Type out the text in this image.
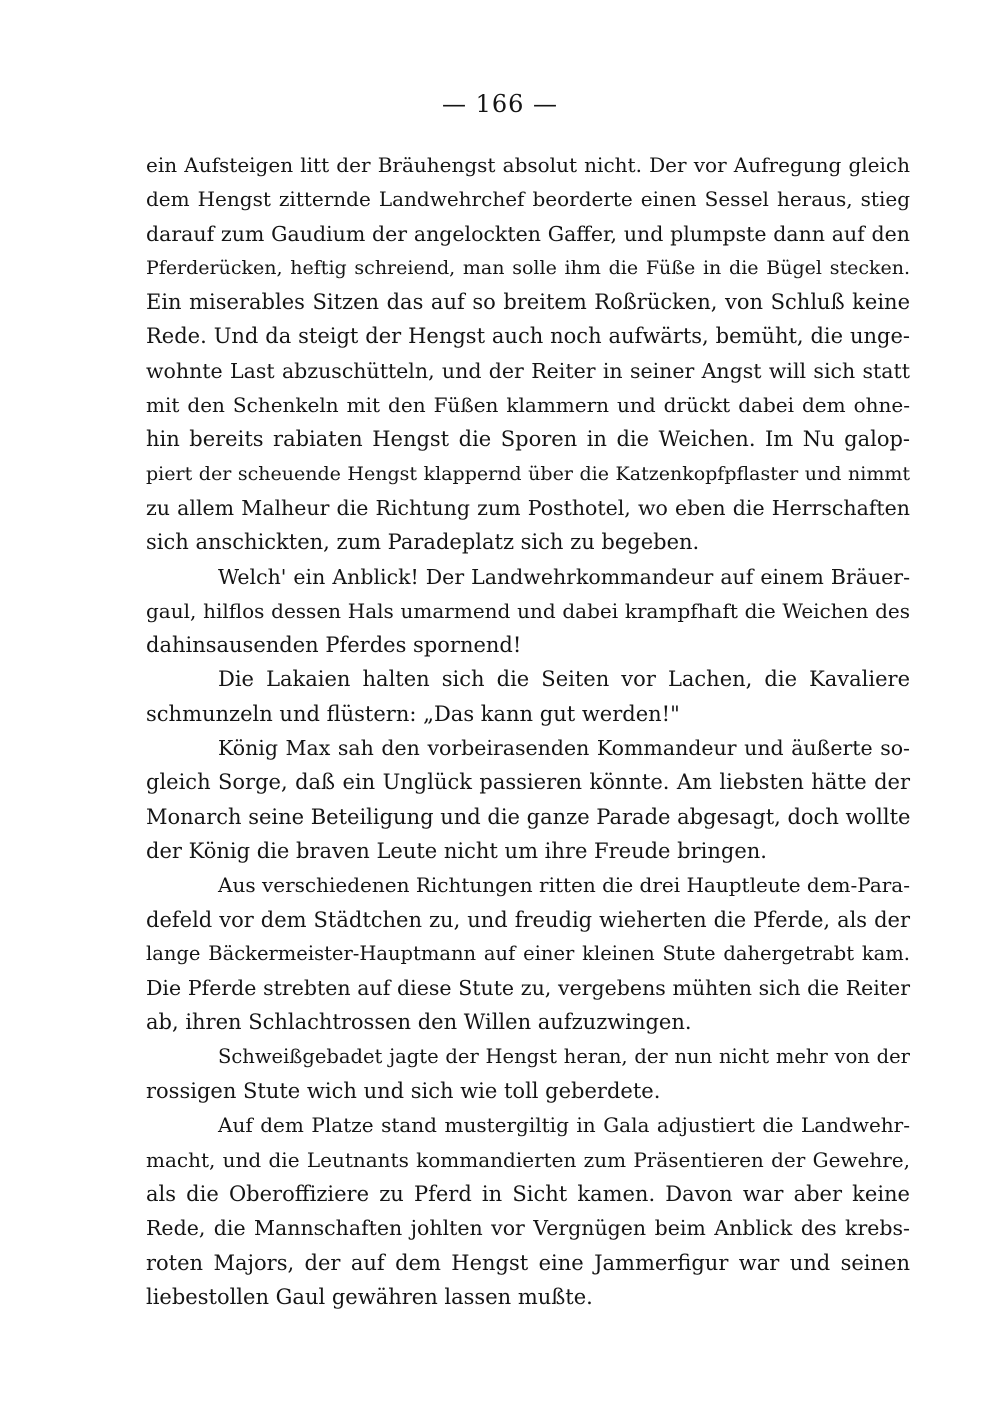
— 166 —
ein Aufsteigen litt der Bräuhengst absolut nicht. Der vor Aufregung gleich
dem Hengst zitternde Landwehrchef beorderte einen Sessel heraus, stieg
darauf zum Gaudium der angelockten Gaffer, und plumpste dann auf den
Pferderücken, heftig schreiend, man solle ihm die Füße in die Bügel stecken.
Ein miserables Sitzen das auf so breitem Roßrücken, von Schluß keine
Rede. Und da steigt der Hengst auch noch aufwärts, bemüht, die unge-
wohnte Last abzuschütteln, und der Reiter in seiner Angst will sich statt
mit den Schenkeln mit den Füßen klammern und drückt dabei dem ohne-
hin bereits rabiaten Hengst die Sporen in die Weichen. Im Nu galop-
piert der scheuende Hengst klappernd über die Katzenkopfpflaster und nimmt
zu allem Malheur die Richtung zum Posthotel, wo eben die Herrschaften
sich anschickten, zum Paradeplatz sich zu begeben.
Welch' ein Anblick! Der Landwehrkommandeur auf einem Bräuer-
gaul, hilflos dessen Hals umarmend und dabei krampfhaft die Weichen des
dahinsausenden Pferdes spornend!
Die Lakaien halten sich die Seiten vor Lachen, die Kavaliere
schmunzeln und flüstern: „Das kann gut werden!"
König Max sah den vorbeirasenden Kommandeur und äußerte so-
gleich Sorge, daß ein Unglück passieren könnte. Am liebsten hätte der
Monarch seine Beteiligung und die ganze Parade abgesagt, doch wollte
der König die braven Leute nicht um ihre Freude bringen.
Aus verschiedenen Richtungen ritten die drei Hauptleute dem-Para-
defeld vor dem Städtchen zu, und freudig wieherten die Pferde, als der
lange Bäckermeister-Hauptmann auf einer kleinen Stute dahergetrabt kam.
Die Pferde strebten auf diese Stute zu, vergebens mühten sich die Reiter
ab, ihren Schlachtrossen den Willen aufzuzwingen.
Schweißgebadet jagte der Hengst heran, der nun nicht mehr von der
rossigen Stute wich und sich wie toll geberdete.
Auf dem Platze stand mustergiltig in Gala adjustiert die Landwehr-
macht, und die Leutnants kommandierten zum Präsentieren der Gewehre,
als die Oberoffiziere zu Pferd in Sicht kamen. Davon war aber keine
Rede, die Mannschaften johlten vor Vergnügen beim Anblick des krebs-
roten Majors, der auf dem Hengst eine Jammerfigur war und seinen
liebestollen Gaul gewähren lassen mußte.
